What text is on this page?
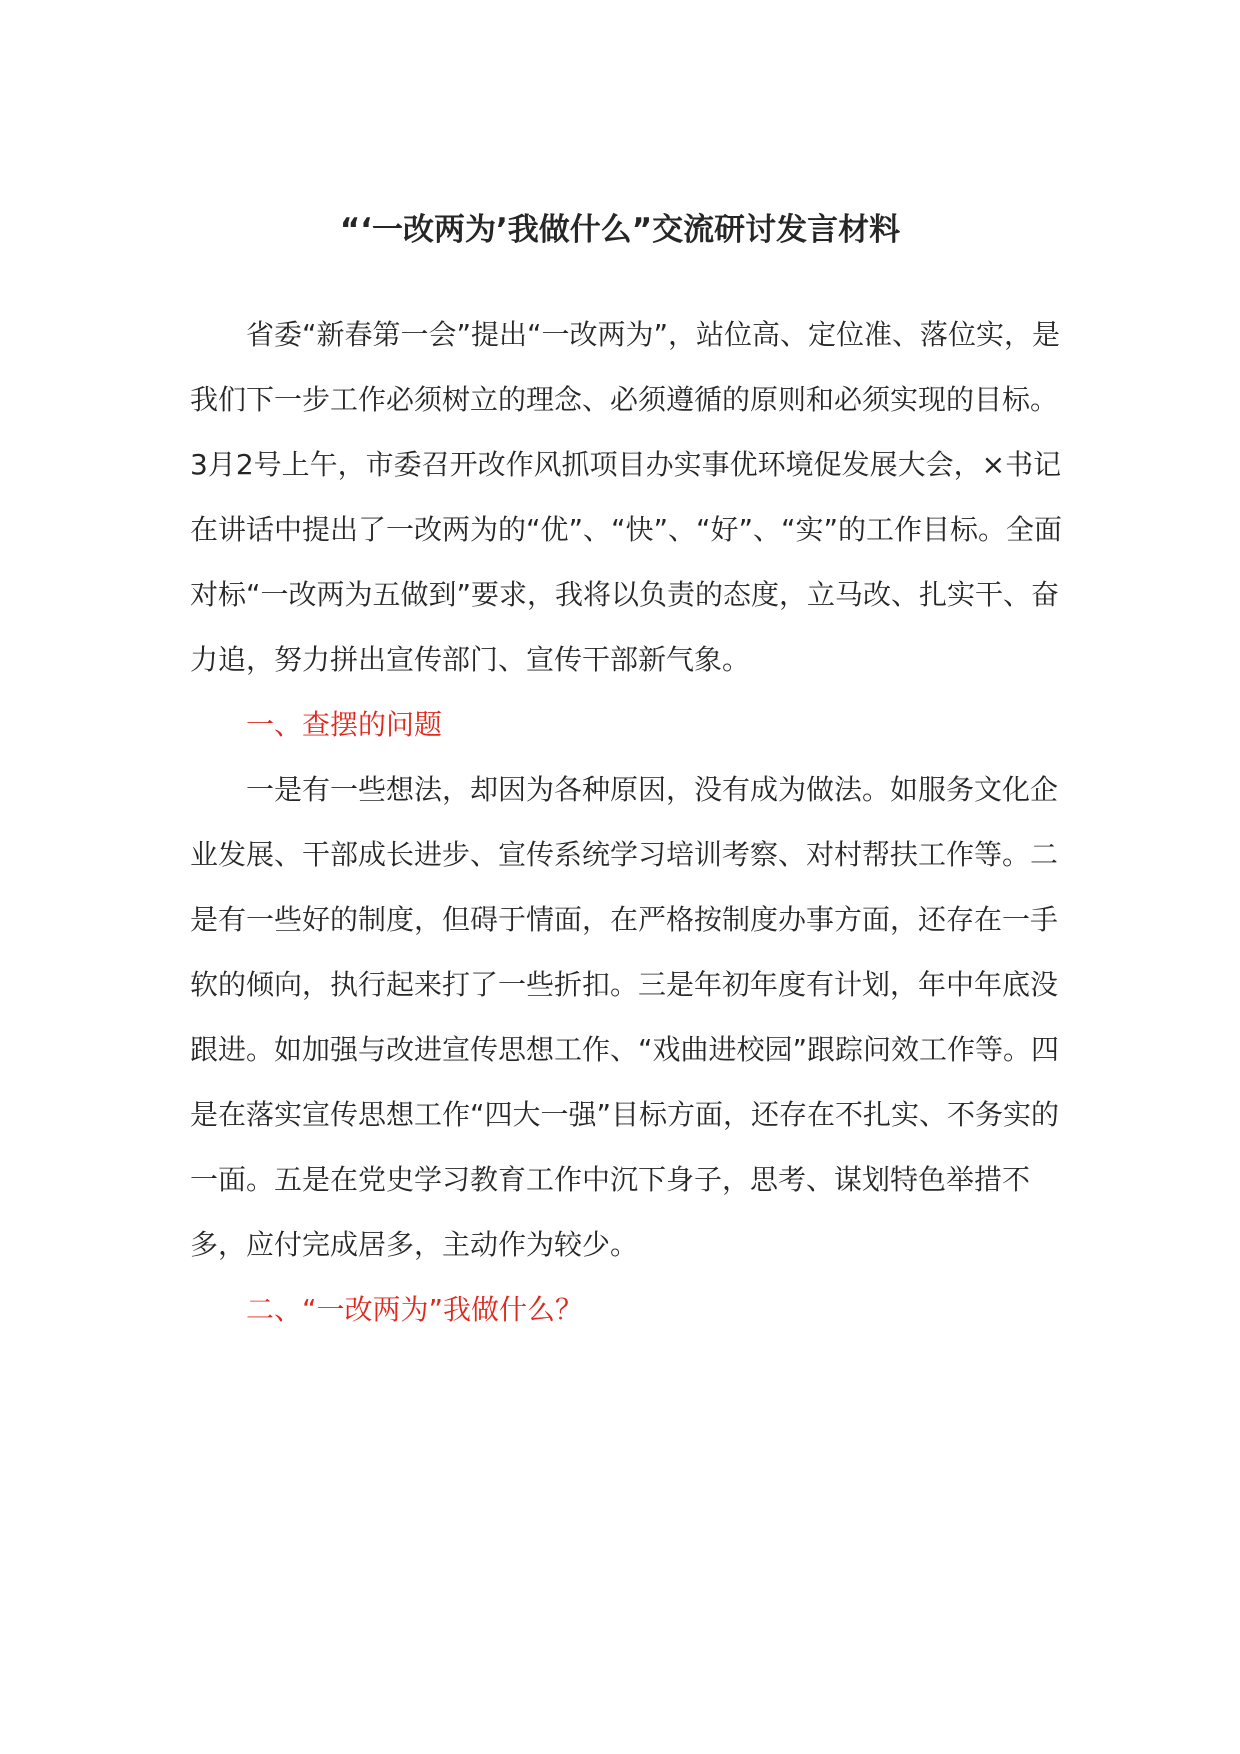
“‘一改两为’我做什么”交流研讨发言材料

省委“新春第一会”提出“一改两为”，站位高、定位准、落位实，是我们下一步工作必须树立的理念、必须遵循的原则和必须实现的目标。3月2号上午，市委召开改作风抓项目办实事优环境促发展大会，×书记在讲话中提出了一改两为的“优”、“快”、“好”、“实”的工作目标。全面对标“一改两为五做到”要求，我将以负责的态度，立马改、扎实干、奋力追，努力拼出宣传部门、宣传干部新气象。

一、查摆的问题

一是有一些想法，却因为各种原因，没有成为做法。如服务文化企业发展、干部成长进步、宣传系统学习培训考察、对村帮扶工作等。二是有一些好的制度，但碍于情面，在严格按制度办事方面，还存在一手软的倾向，执行起来打了一些折扣。三是年初年度有计划，年中年底没跟进。如加强与改进宣传思想工作、“戏曲进校园”跟踪问效工作等。四是在落实宣传思想工作“四大一强”目标方面，还存在不扎实、不务实的一面。五是在党史学习教育工作中沉下身子，思考、谋划特色举措不多，应付完成居多，主动作为较少。

二、“一改两为”我做什么？
